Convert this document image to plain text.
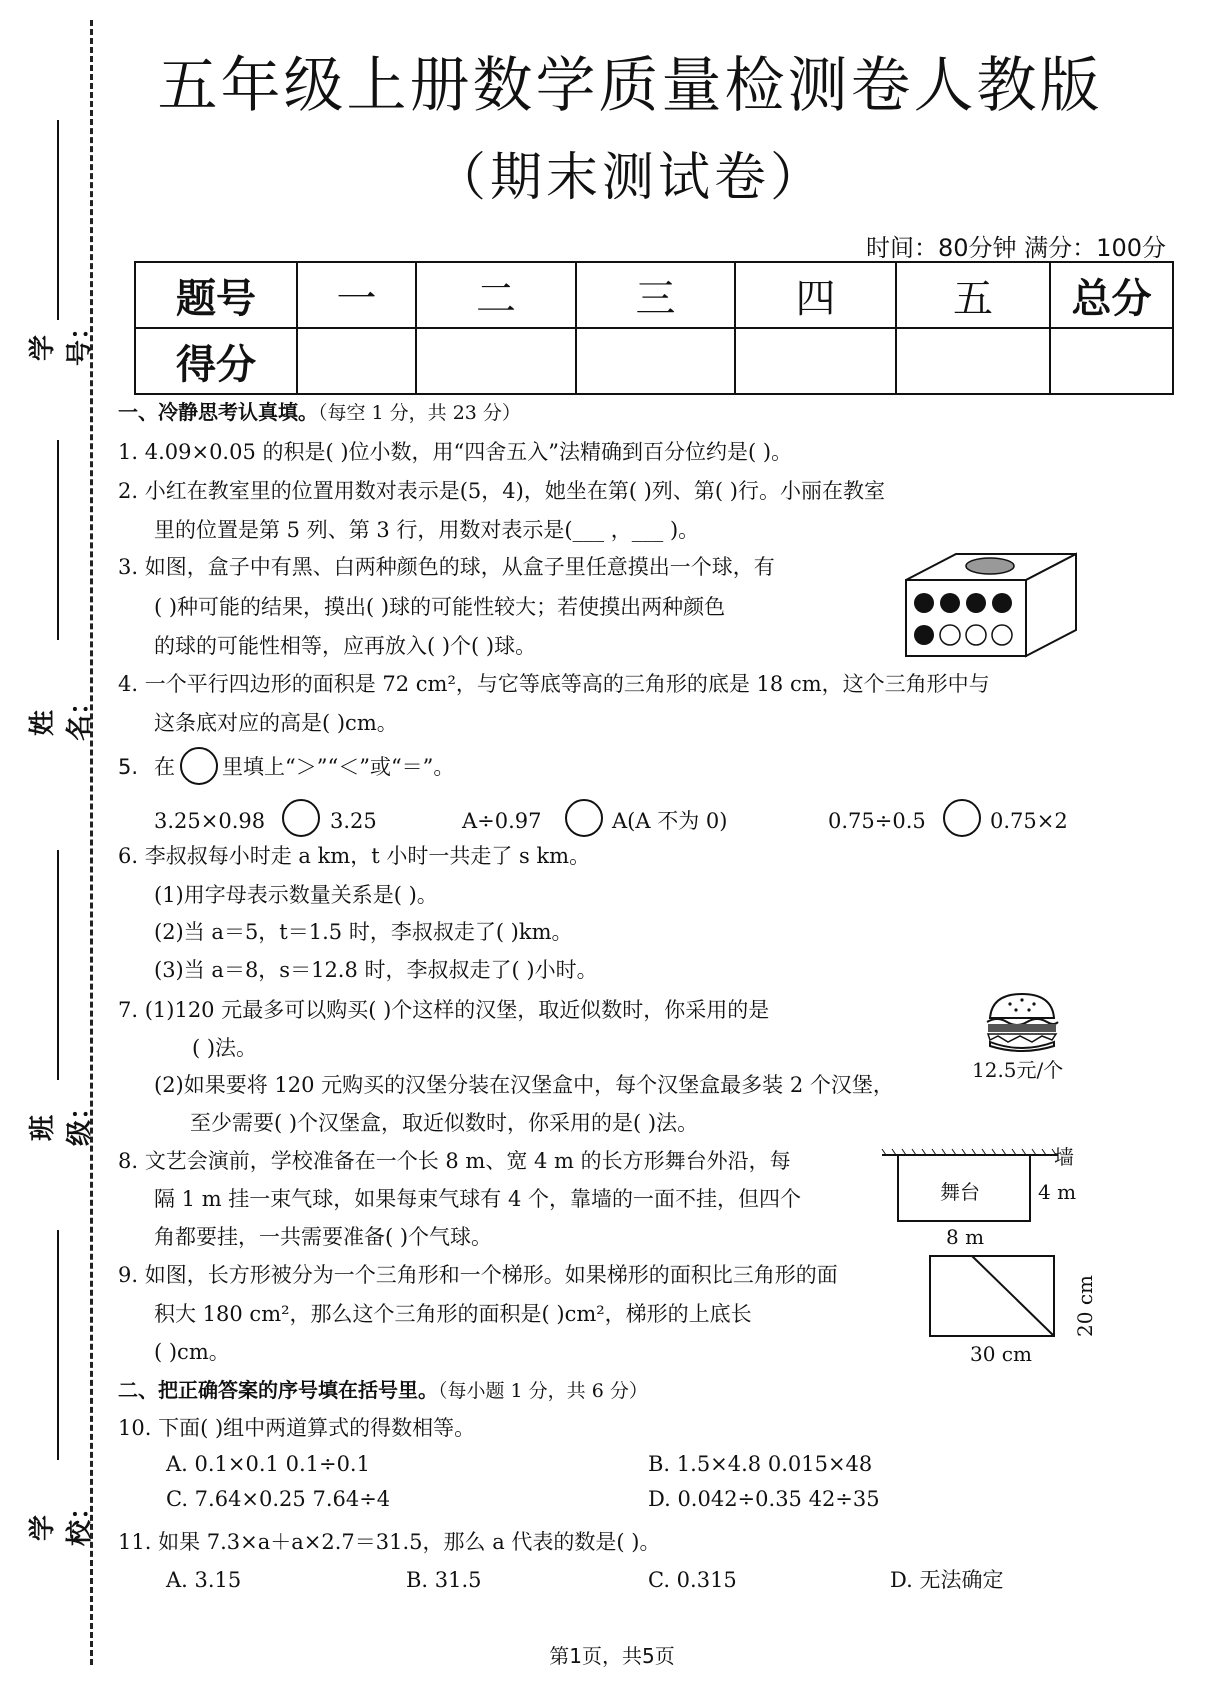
学号：
姓名：
班级：
学校：
五年级上册数学质量检测卷人教版
（期末测试卷）
时间：80分钟 满分：100分
题号	一	二	三	四	五	总分
得分						
一、冷静思考认真填。（每空 1 分，共 23 分）
1. 4.09×0.05 的积是( )位小数，用“四舍五入”法精确到百分位约是( )。
2. 小红在教室里的位置用数对表示是(5，4)，她坐在第( )列、第( )行。小丽在教室
里的位置是第 5 列、第 3 行，用数对表示是(___ ，___ )。
3. 如图，盒子中有黑、白两种颜色的球，从盒子里任意摸出一个球，有
( )种可能的结果，摸出( )球的可能性较大；若使摸出两种颜色
的球的可能性相等，应再放入( )个( )球。
4. 一个平行四边形的面积是 72 cm²，与它等底等高的三角形的底是 18 cm，这个三角形中与
这条底对应的高是( )cm。
5. 在 里填上“＞”“＜”或“＝”。
3.25×0.98	3.25	A÷0.97	A(A 不为 0)	0.75÷0.5	0.75×2
6. 李叔叔每小时走 a km，t 小时一共走了 s km。
(1)用字母表示数量关系是( )。
(2)当 a＝5，t＝1.5 时，李叔叔走了( )km。
(3)当 a＝8，s＝12.8 时，李叔叔走了( )小时。
7. (1)120 元最多可以购买( )个这样的汉堡，取近似数时，你采用的是
( )法。
(2)如果要将 120 元购买的汉堡分装在汉堡盒中，每个汉堡盒最多装 2 个汉堡，
至少需要( )个汉堡盒，取近似数时，你采用的是( )法。
12.5元/个
8. 文艺会演前，学校准备在一个长 8 m、宽 4 m 的长方形舞台外沿，每
隔 1 m 挂一束气球，如果每束气球有 4 个，靠墙的一面不挂，但四个
角都要挂，一共需要准备( )个气球。
墙
舞台	4 m
8 m
9. 如图，长方形被分为一个三角形和一个梯形。如果梯形的面积比三角形的面
积大 180 cm²，那么这个三角形的面积是( )cm²，梯形的上底长
( )cm。
20 cm
30 cm
二、把正确答案的序号填在括号里。（每小题 1 分，共 6 分）
10. 下面( )组中两道算式的得数相等。
A. 0.1×0.1 0.1÷0.1	B. 1.5×4.8 0.015×48
C. 7.64×0.25 7.64÷4	D. 0.042÷0.35 42÷35
11. 如果 7.3×a＋a×2.7＝31.5，那么 a 代表的数是( )。
A. 3.15	B. 31.5	C. 0.315	D. 无法确定
第1页，共5页
